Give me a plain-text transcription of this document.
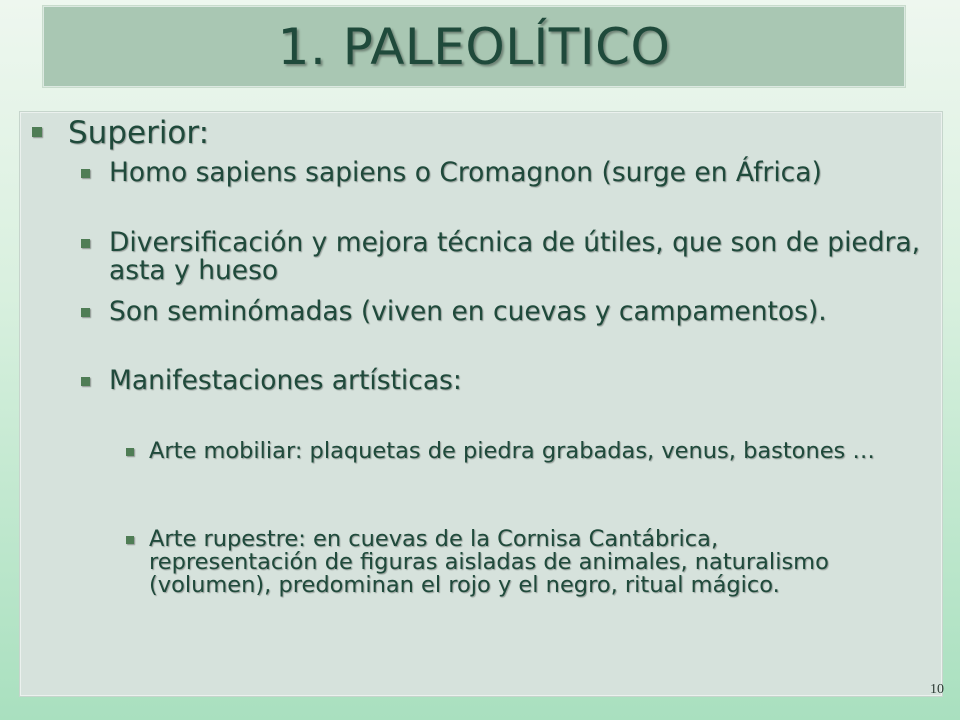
1. PALEOLÍTICO
Superior:
Homo sapiens sapiens o Cromagnon (surge en África)
Diversificación y mejora técnica de útiles, que son de piedra, asta y hueso
Son seminómadas (viven en cuevas y campamentos).
Manifestaciones artísticas:
Arte mobiliar: plaquetas de piedra grabadas, venus, bastones …
Arte rupestre: en cuevas de la Cornisa Cantábrica, representación de figuras aisladas de animales, naturalismo (volumen), predominan el rojo y el negro, ritual mágico.
10
